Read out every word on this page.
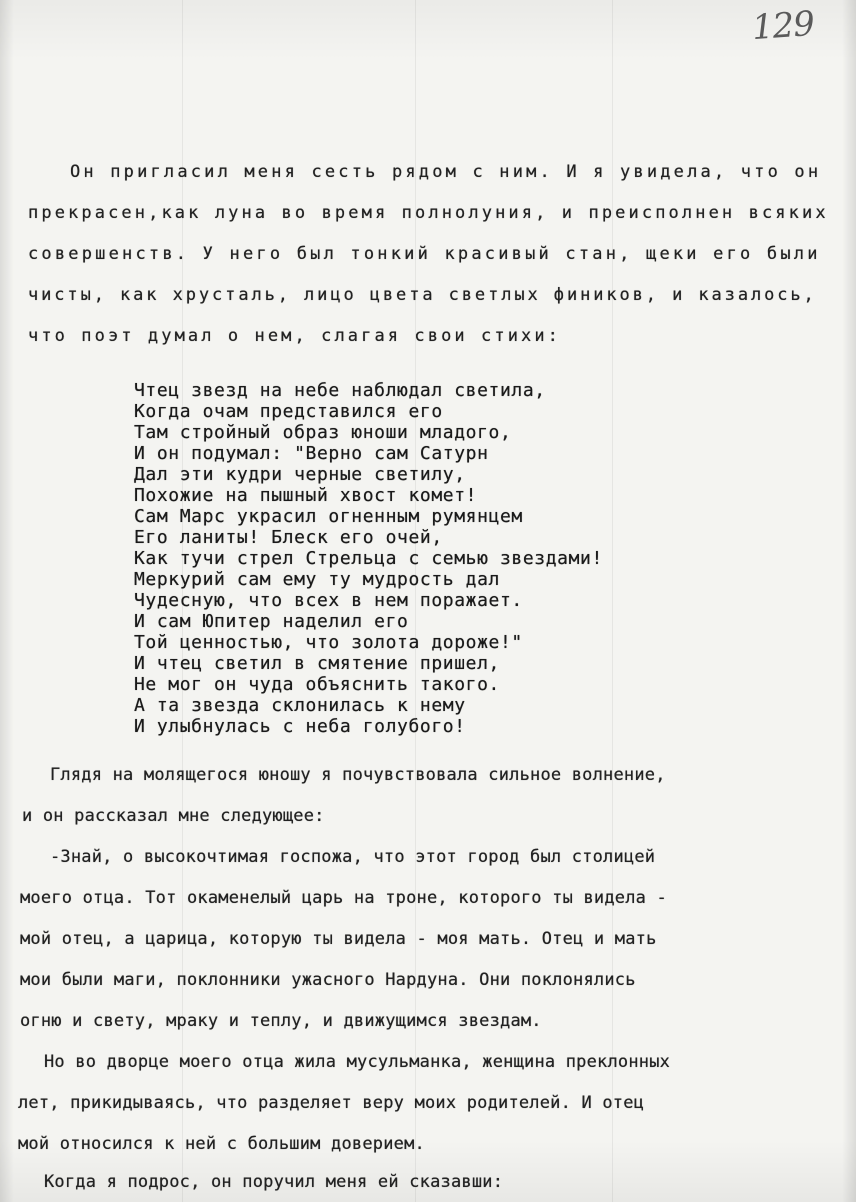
129
Он пригласил меня сесть рядом с ним. И я увидела, что он
прекрасен,как луна во время полнолуния, и преисполнен всяких
совершенств. У него был тонкий красивый стан, щеки его были
чисты, как хрусталь, лицо цвета светлых фиников, и казалось,
что поэт думал о нем, слагая свои стихи:
Чтец звезд на небе наблюдал светила,
Когда очам представился его
Там стройный образ юноши младого,
И он подумал: "Верно сам Сатурн
Дал эти кудри черные светилу,
Похожие на пышный хвост комет!
Сам Марс украсил огненным румянцем
Его ланиты! Блеск его очей,
Как тучи стрел Стрельца с семью звездами!
Меркурий сам ему ту мудрость дал
Чудесную, что всех в нем поражает.
И сам Юпитер наделил его
Той ценностью, что золота дороже!"
И чтец светил в смятение пришел,
Не мог он чуда объяснить такого.
А та звезда склонилась к нему
И улыбнулась с неба голубого!
Глядя на молящегося юношу я почувствовала сильное волнение,
и он рассказал мне следующее:
-Знай, о высокочтимая госпожа, что этот город был столицей
моего отца. Тот окаменелый царь на троне, которого ты видела -
мой отец, а царица, которую ты видела - моя мать. Отец и мать
мои были маги, поклонники ужасного Нардуна. Они поклонялись
огню и свету, мраку и теплу, и движущимся звездам.
Но во дворце моего отца жила мусульманка, женщина преклонных
лет, прикидываясь, что разделяет веру моих родителей. И отец
мой относился к ней с большим доверием.
Когда я подрос, он поручил меня ей сказавши:
